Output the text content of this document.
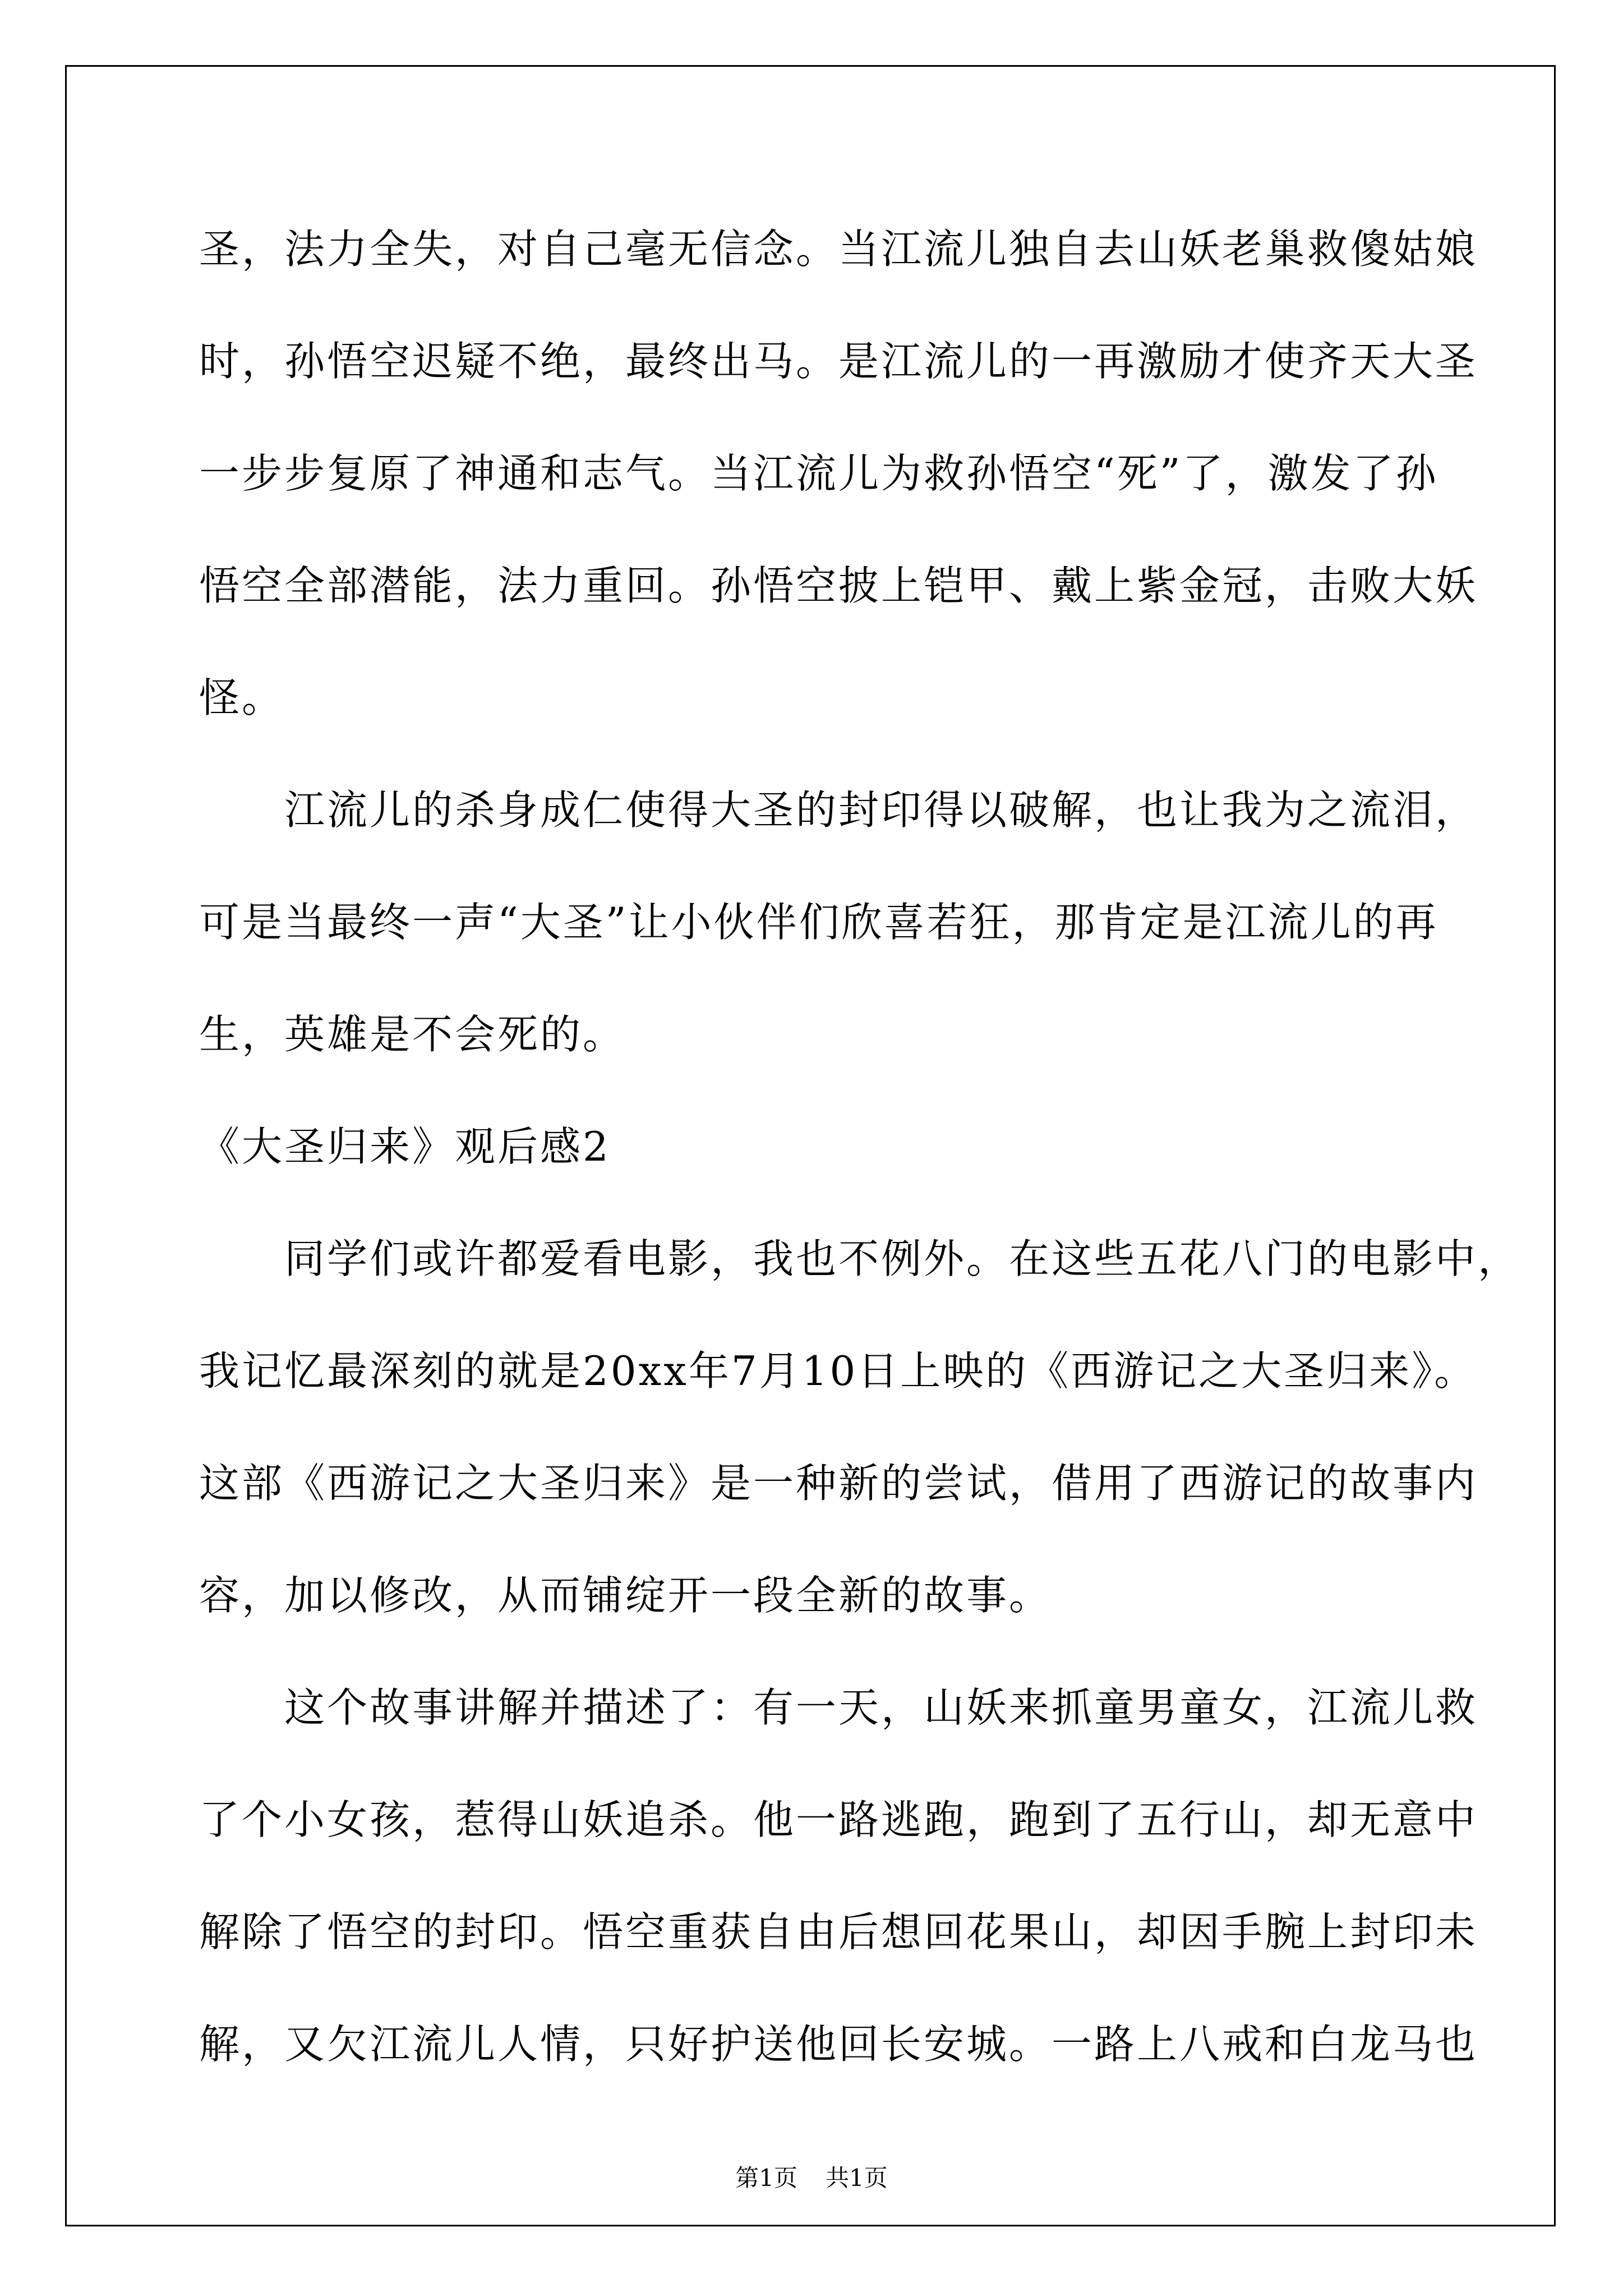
圣，法力全失，对自己毫无信念。当江流儿独自去山妖老巢救傻姑娘
时，孙悟空迟疑不绝，最终出马。是江流儿的一再激励才使齐天大圣
一步步复原了神通和志气。当江流儿为救孙悟空“死”了，激发了孙
悟空全部潜能，法力重回。孙悟空披上铠甲、戴上紫金冠，击败大妖
怪。
　　江流儿的杀身成仁使得大圣的封印得以破解，也让我为之流泪，
可是当最终一声“大圣”让小伙伴们欣喜若狂，那肯定是江流儿的再
生，英雄是不会死的。
《大圣归来》观后感2
　　同学们或许都爱看电影，我也不例外。在这些五花八门的电影中，
我记忆最深刻的就是20xx年7月10日上映的《西游记之大圣归来》。
这部《西游记之大圣归来》是一种新的尝试，借用了西游记的故事内
容，加以修改，从而铺绽开一段全新的故事。
　　这个故事讲解并描述了：有一天，山妖来抓童男童女，江流儿救
了个小女孩，惹得山妖追杀。他一路逃跑，跑到了五行山，却无意中
解除了悟空的封印。悟空重获自由后想回花果山，却因手腕上封印未
解，又欠江流儿人情，只好护送他回长安城。一路上八戒和白龙马也
第1页 共1页
